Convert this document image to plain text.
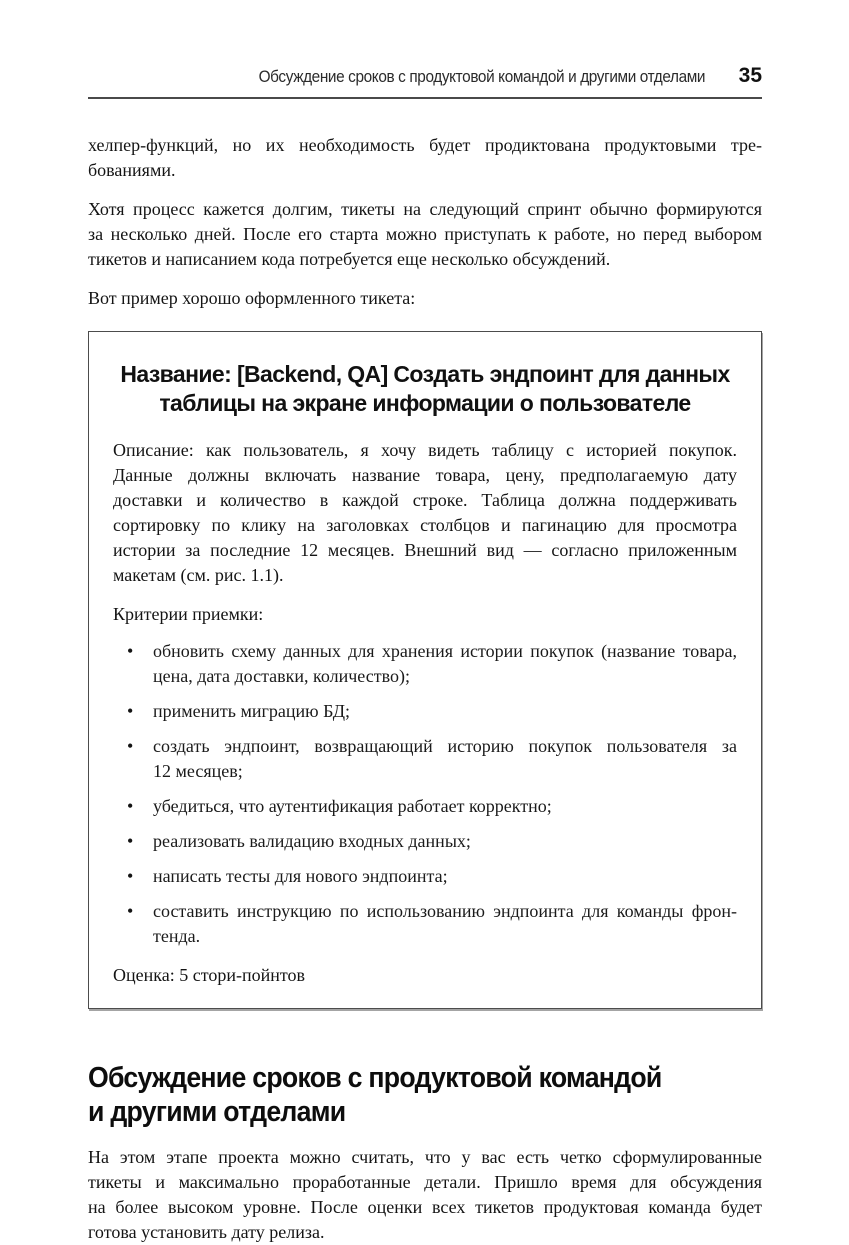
Обсуждение сроков с продуктовой командой и другими отделами 35
хелпер-функций, но их необходимость будет продиктована продуктовыми тре-
бованиями.
Хотя процесс кажется долгим, тикеты на следующий спринт обычно формируются
за несколько дней. После его старта можно приступать к работе, но перед выбором
тикетов и написанием кода потребуется еще несколько обсуждений.
Вот пример хорошо оформленного тикета:
Название: [Backend, QA] Создать эндпоинт для данных
таблицы на экране информации о пользователе
Описание: как пользователь, я хочу видеть таблицу с историей покупок.
Данные должны включать название товара, цену, предполагаемую дату
доставки и количество в каждой строке. Таблица должна поддерживать
сортировку по клику на заголовках столбцов и пагинацию для просмотра
истории за последние 12 месяцев. Внешний вид — согласно приложенным
макетам (см. рис. 1.1).
Критерии приемки:
•	обновить схему данных для хранения истории покупок (название товара,
цена, дата доставки, количество);
•	применить миграцию БД;
•	создать эндпоинт, возвращающий историю покупок пользователя за
12 месяцев;
•	убедиться, что аутентификация работает корректно;
•	реализовать валидацию входных данных;
•	написать тесты для нового эндпоинта;
•	составить инструкцию по использованию эндпоинта для команды фрон-
тенда.
Оценка: 5 стори-пойнтов
Обсуждение сроков с продуктовой командой
и другими отделами
На этом этапе проекта можно считать, что у вас есть четко сформулированные
тикеты и максимально проработанные детали. Пришло время для обсуждения
на более высоком уровне. После оценки всех тикетов продуктовая команда будет
готова установить дату релиза.
